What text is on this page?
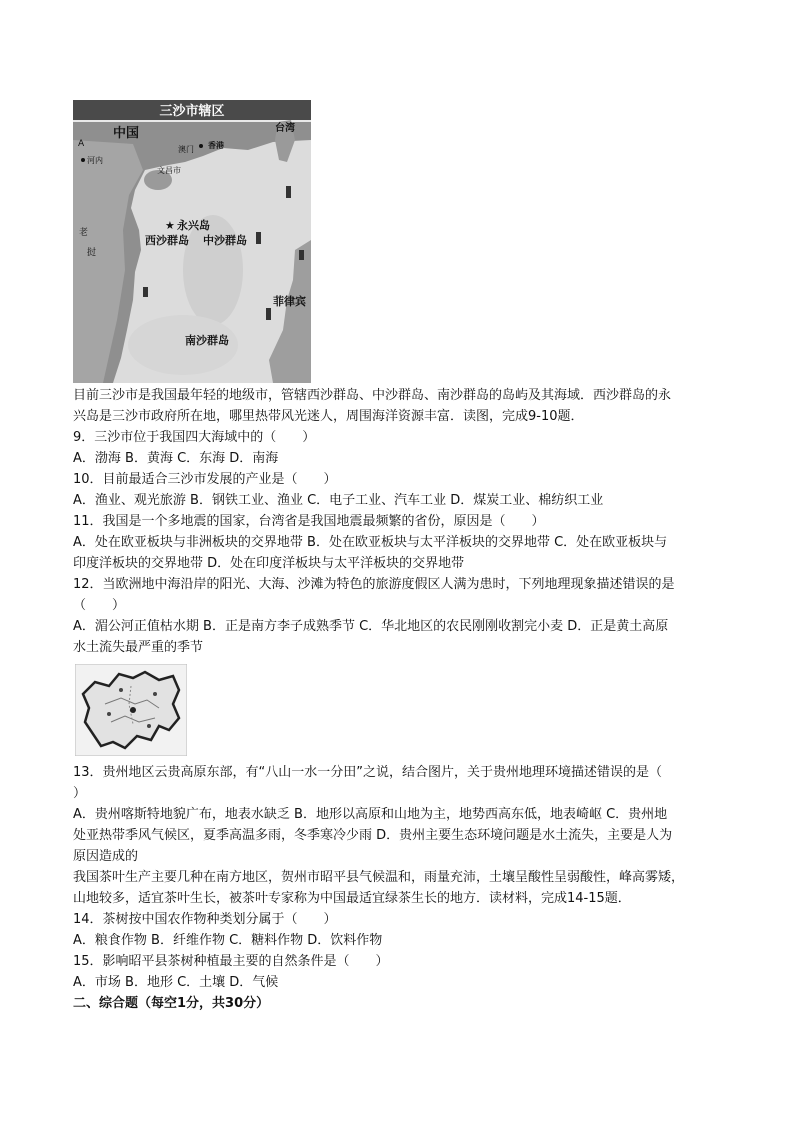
三沙市辖区
中国	台湾
澳门 香港
A
河内
文昌市
★ 永兴岛
西沙群岛 中沙群岛
老
挝
菲律宾
南沙群岛
目前三沙市是我国最年轻的地级市，管辖西沙群岛、中沙群岛、南沙群岛的岛屿及其海域．西沙群岛的永
兴岛是三沙市政府所在地，哪里热带风光迷人，周围海洋资源丰富．读图，完成9-10题．
9．三沙市位于我国四大海域中的（　　）
A．渤海 B．黄海 C．东海 D．南海
10．目前最适合三沙市发展的产业是（　　）
A．渔业、观光旅游 B．钢铁工业、渔业 C．电子工业、汽车工业 D．煤炭工业、棉纺织工业
11．我国是一个多地震的国家，台湾省是我国地震最频繁的省份，原因是（　　）
A．处在欧亚板块与非洲板块的交界地带 B．处在欧亚板块与太平洋板块的交界地带 C．处在欧亚板块与
印度洋板块的交界地带 D．处在印度洋板块与太平洋板块的交界地带
12．当欧洲地中海沿岸的阳光、大海、沙滩为特色的旅游度假区人满为患时，下列地理现象描述错误的是
（　　）
A．湄公河正值枯水期 B．正是南方李子成熟季节 C．华北地区的农民刚刚收割完小麦 D．正是黄土高原
水土流失最严重的季节
13．贵州地区云贵高原东部，有“八山一水一分田”之说，结合图片，关于贵州地理环境描述错误的是（
）
A．贵州喀斯特地貌广布，地表水缺乏 B．地形以高原和山地为主，地势西高东低，地表崎岖 C．贵州地
处亚热带季风气候区，夏季高温多雨，冬季寒冷少雨 D．贵州主要生态环境问题是水土流失，主要是人为
原因造成的
我国茶叶生产主要几种在南方地区，贺州市昭平县气候温和，雨量充沛，土壤呈酸性呈弱酸性，峰高雾矮，
山地较多，适宜茶叶生长，被茶叶专家称为中国最适宜绿茶生长的地方．读材料，完成14-15题．
14．茶树按中国农作物种类划分属于（　　）
A．粮食作物 B．纤维作物 C．糖料作物 D．饮料作物
15．影响昭平县茶树种植最主要的自然条件是（　　）
A．市场 B．地形 C．土壤 D．气候
二、综合题（每空1分，共30分）
